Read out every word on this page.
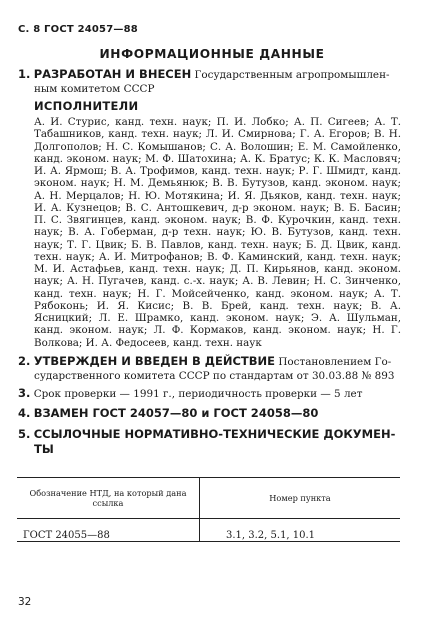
С. 8 ГОСТ 24057—88
ИНФОРМАЦИОННЫЕ ДАННЫЕ
1. РАЗРАБОТАН И ВНЕСЕН Государственным агропромышлен-
ным комитетом СССР
ИСПОЛНИТЕЛИ

А. И. Стурис, канд. техн. наук; П. И. Лобко; А. П. Сигеев; А. Т. Табашников, канд. техн. наук; Л. И. Смирнова; Г. А. Егоров; В. Н. Долгополов; Н. С. Комышанов; С. А. Волошин; Е. М. Самойленко, канд. эконом. наук; М. Ф. Шатохина; А. К. Братус; К. К. Масловяч; И. А. Ярмош; В. А. Трофимов, канд. техн. наук; Р. Г. Шмидт, канд. эконом. наук; Н. М. Демьянюк; В. В. Бутузов, канд. эконом. наук; А. Н. Мерцалов; Н. Ю. Мотякина; И. Я. Дьяков, канд. техн. наук; И. А. Кузнецов; В. С. Антошкевич, д-р эконом. наук; В. Б. Басин; П. С. Звягинцев, канд. эконом. наук; В. Ф. Курочкин, канд. техн. наук; В. А. Гоберман, д-р техн. наук; Ю. В. Бутузов, канд. техн. наук; Т. Г. Цвик; Б. В. Павлов, канд. техн. наук; Б. Д. Цвик, канд. техн. наук; А. И. Митрофанов; В. Ф. Каминский, канд. техн. наук; М. И. Астафьев, канд. техн. наук; Д. П. Кирьянов, канд. эконом. наук; А. Н. Пугачев, канд. с.-х. наук; А. В. Левин; Н. С. Зинченко, канд. техн. наук; Н. Г. Мойсейченко, канд. эконом. наук; А. Т. Рябоконь; И. Я. Кисис; В. В. Брей, канд. техн. наук; В. А. Ясницкий; Л. Е. Шрамко, канд. эконом. наук; Э. А. Шульман, канд. эконом. наук; Л. Ф. Кормаков, канд. эконом. наук; Н. Г. Волкова; И. А. Федосеев, канд. техн. наук

2. УТВЕРЖДЕН И ВВЕДЕН В ДЕЙСТВИЕ Постановлением Го-
сударственного комитета СССР по стандартам от 30.03.88 № 893
3. Срок проверки — 1991 г., периодичность проверки — 5 лет
4. ВЗАМЕН ГОСТ 24057—80 и ГОСТ 24058—80
5. ССЫЛОЧНЫЕ НОРМАТИВНО-ТЕХНИЧЕСКИЕ ДОКУМЕН-
ТЫ
Обозначение НТД, на который дана ссылка	Номер пункта
ГОСТ 24055—88	3.1, 3.2, 5.1, 10.1
32
